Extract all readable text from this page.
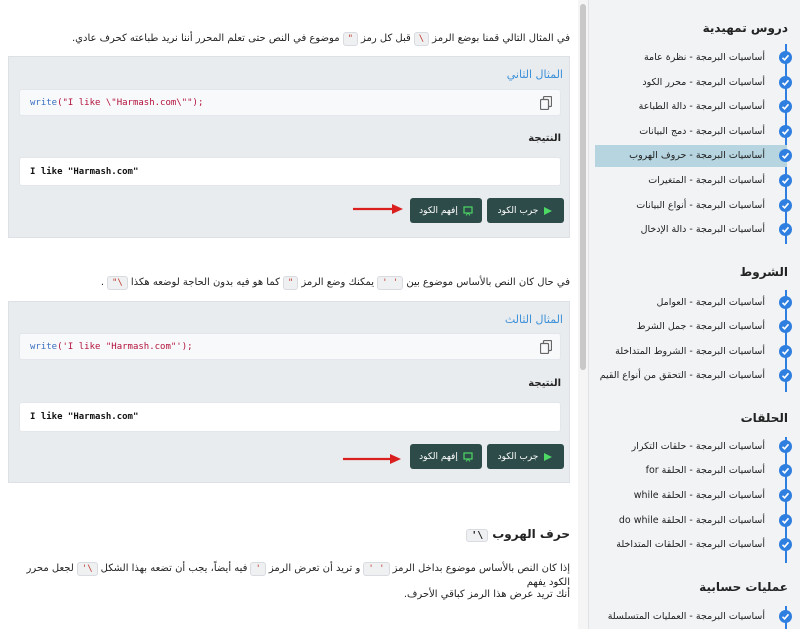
في المثال التالي قمنا بوضع الرمز\قبل كل رمز"موضوع في النص حتى تعلم المحرر أننا نريد طباعته كحرف عادي.
المثال الثاني
write("I like \"Harmash.com\"");
النتيجة
I like "Harmash.com"
جرب الكود
إفهم الكود
في حال كان النص بالأساس موضوع بين' 'يمكنك وضع الرمز"كما هو فيه بدون الحاجة لوضعه هكذا\".
المثال الثالث
write('I like "Harmash.com"');
النتيجة
I like "Harmash.com"
جرب الكود
إفهم الكود
حرف الهروب\'
إذا كان النص بالأساس موضوع بداخل الرمز' 'و تريد أن تعرض الرمز'فيه أيضاً، يجب أن تضعه بهذا الشكل\'لجعل محرر الكود يفهم
أنك تريد عرض هذا الرمز كباقي الأحرف.
دروس تمهيدية
أساسيات البرمجة - نظرة عامة
أساسيات البرمجة - محرر الكود
أساسيات البرمجة - دالة الطباعة
أساسيات البرمجة - دمج البيانات
أساسيات البرمجة - حروف الهروب
أساسيات البرمجة - المتغيرات
أساسيات البرمجة - أنواع البيانات
أساسيات البرمجة - دالة الإدخال
الشروط
أساسيات البرمجة - العوامل
أساسيات البرمجة - جمل الشرط
أساسيات البرمجة - الشروط المتداخلة
أساسيات البرمجة - التحقق من أنواع القيم
الحلقات
أساسيات البرمجة - حلقات التكرار
أساسيات البرمجة - الحلقة for
أساسيات البرمجة - الحلقة while
أساسيات البرمجة - الحلقة do while
أساسيات البرمجة - الحلقات المتداخلة
عمليات حسابية
أساسيات البرمجة - العمليات المتسلسلة
